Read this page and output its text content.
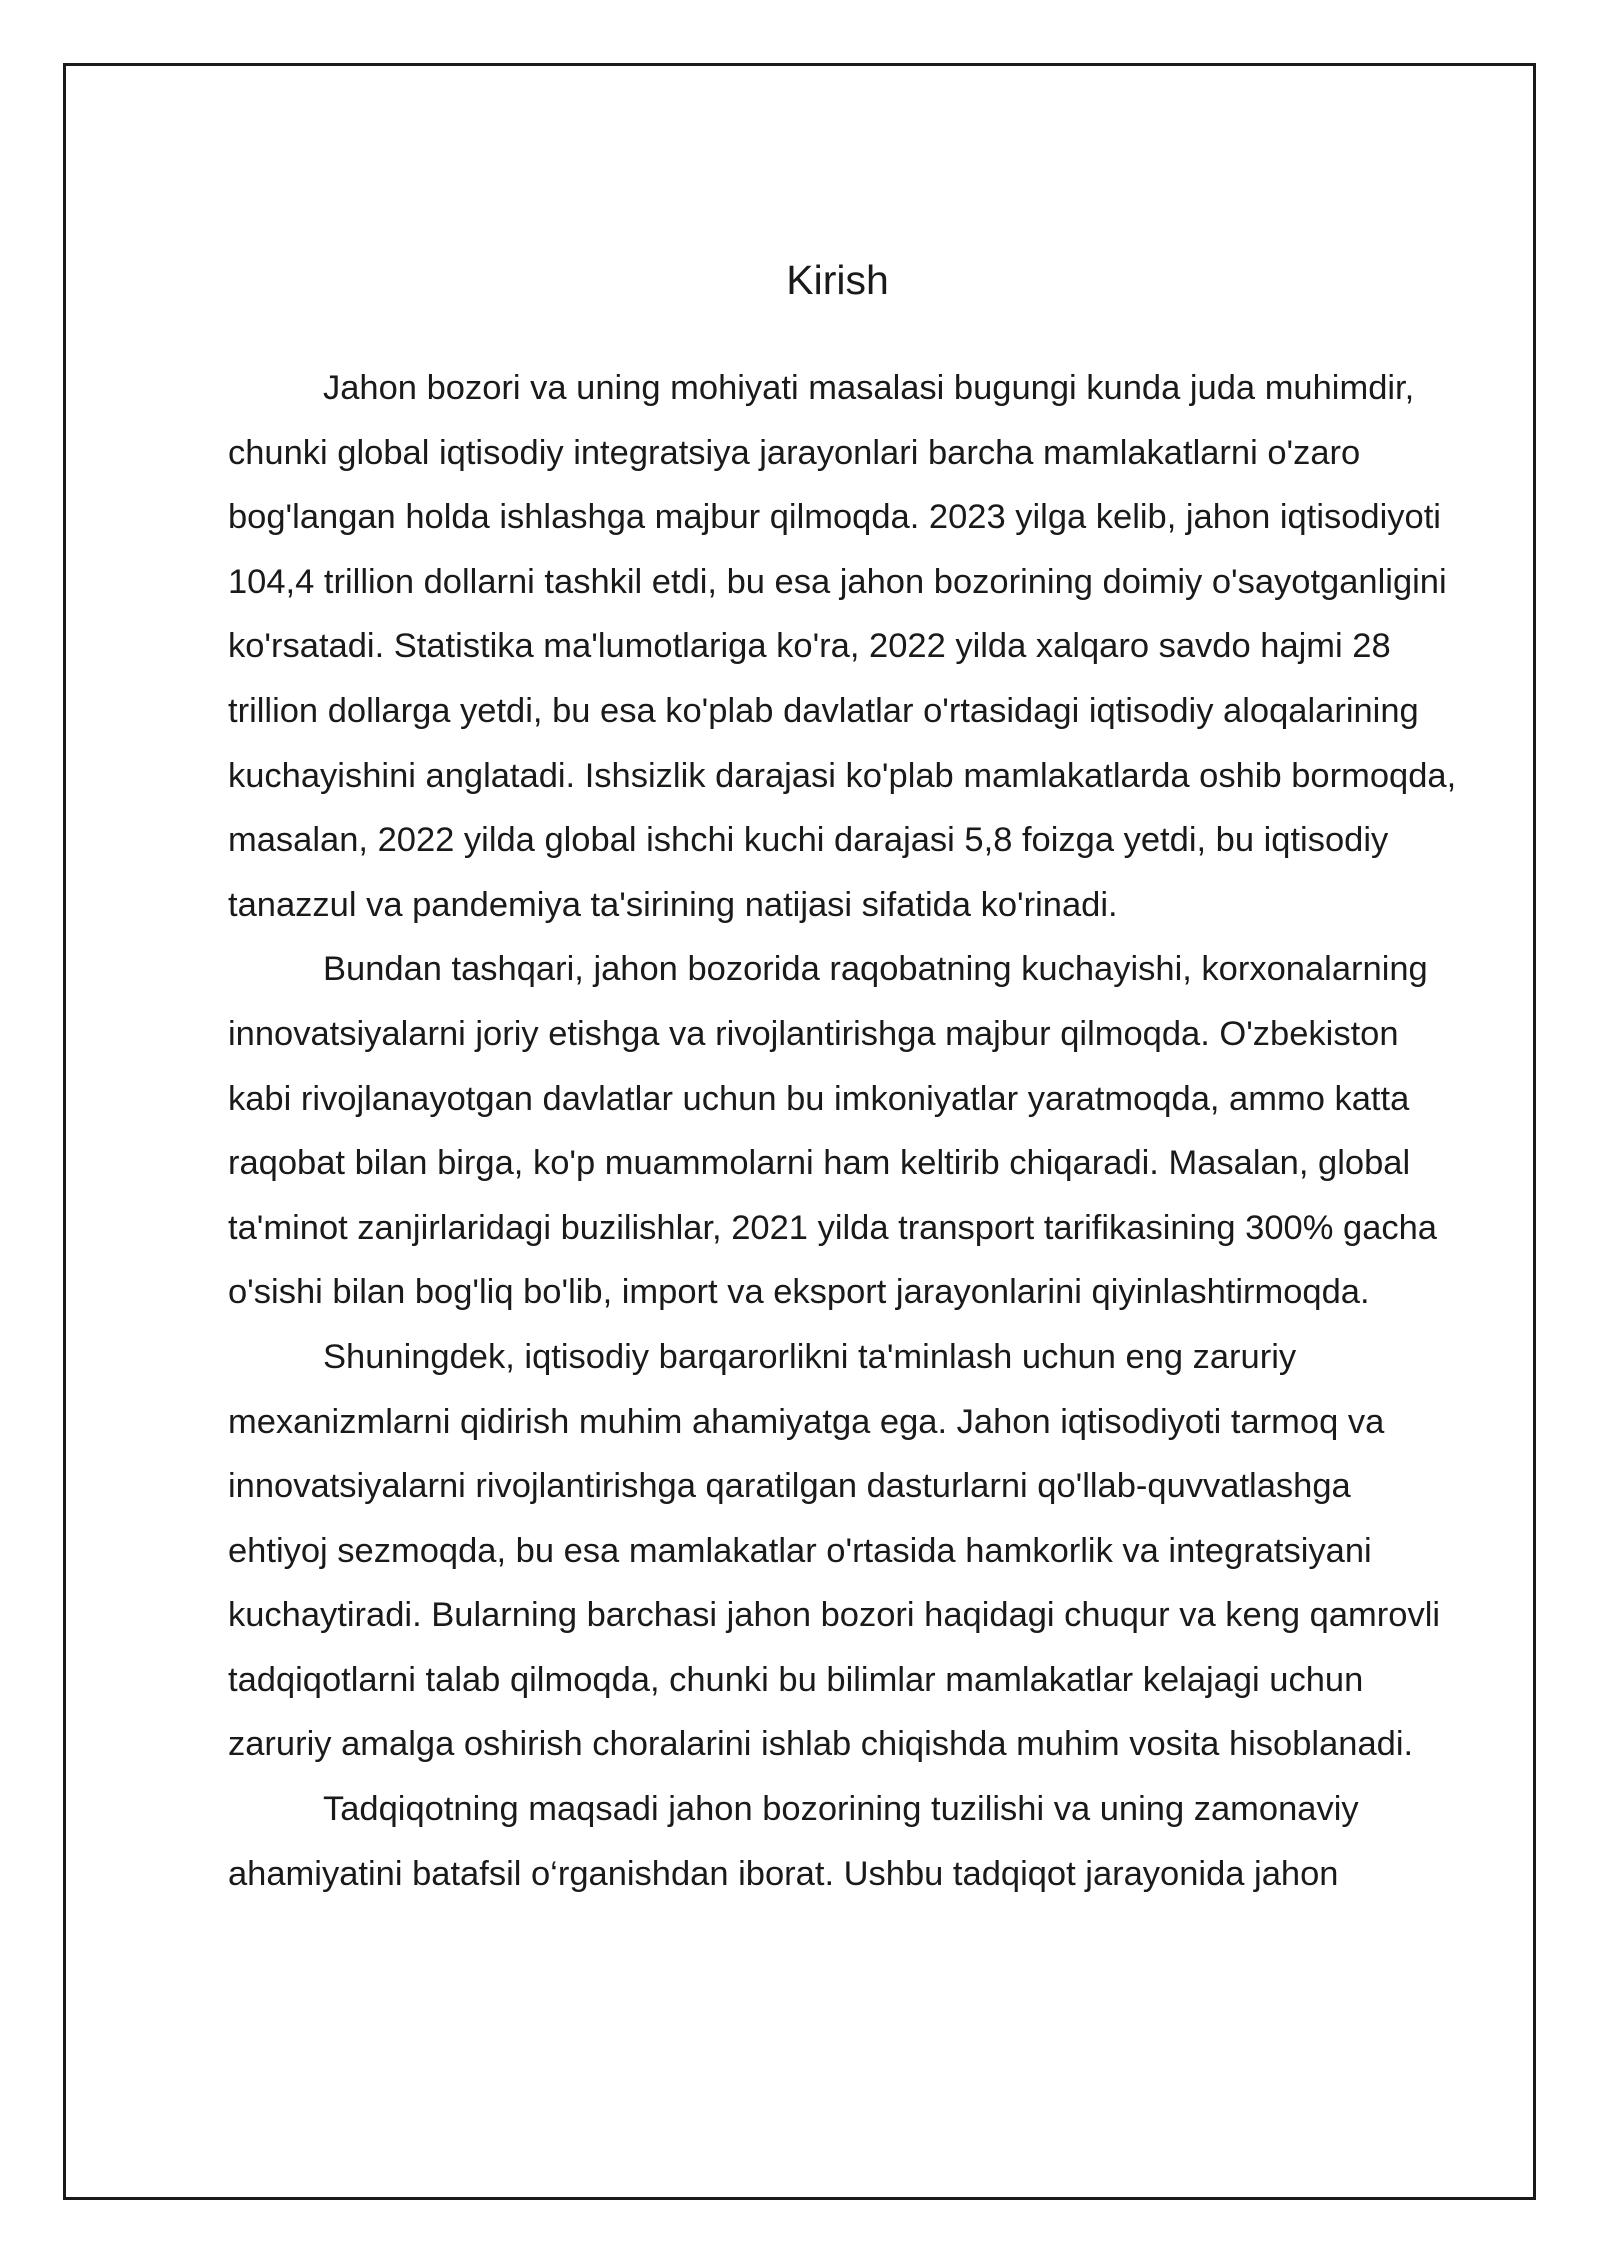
Kirish

Jahon bozori va uning mohiyati masalasi bugungi kunda juda muhimdir, chunki global iqtisodiy integratsiya jarayonlari barcha mamlakatlarni o'zaro bog'langan holda ishlashga majbur qilmoqda. 2023 yilga kelib, jahon iqtisodiyoti 104,4 trillion dollarni tashkil etdi, bu esa jahon bozorining doimiy o'sayotganligini ko'rsatadi. Statistika ma'lumotlariga ko'ra, 2022 yilda xalqaro savdo hajmi 28 trillion dollarga yetdi, bu esa ko'plab davlatlar o'rtasidagi iqtisodiy aloqalarining kuchayishini anglatadi. Ishsizlik darajasi ko'plab mamlakatlarda oshib bormoqda, masalan, 2022 yilda global ishchi kuchi darajasi 5,8 foizga yetdi, bu iqtisodiy tanazzul va pandemiya ta'sirining natijasi sifatida ko'rinadi.

Bundan tashqari, jahon bozorida raqobatning kuchayishi, korxonalarning innovatsiyalarni joriy etishga va rivojlantirishga majbur qilmoqda. O'zbekiston kabi rivojlanayotgan davlatlar uchun bu imkoniyatlar yaratmoqda, ammo katta raqobat bilan birga, ko'p muammolarni ham keltirib chiqaradi. Masalan, global ta'minot zanjirlaridagi buzilishlar, 2021 yilda transport tarifikasining 300% gacha o'sishi bilan bog'liq bo'lib, import va eksport jarayonlarini qiyinlashtirmoqda.

Shuningdek, iqtisodiy barqarorlikni ta'minlash uchun eng zaruriy mexanizmlarni qidirish muhim ahamiyatga ega. Jahon iqtisodiyoti tarmoq va innovatsiyalarni rivojlantirishga qaratilgan dasturlarni qo'llab-quvvatlashga ehtiyoj sezmoqda, bu esa mamlakatlar o'rtasida hamkorlik va integratsiyani kuchaytiradi. Bularning barchasi jahon bozori haqidagi chuqur va keng qamrovli tadqiqotlarni talab qilmoqda, chunki bu bilimlar mamlakatlar kelajagi uchun zaruriy amalga oshirish choralarini ishlab chiqishda muhim vosita hisoblanadi.

Tadqiqotning maqsadi jahon bozorining tuzilishi va uning zamonaviy ahamiyatini batafsil o‘rganishdan iborat. Ushbu tadqiqot jarayonida jahon
